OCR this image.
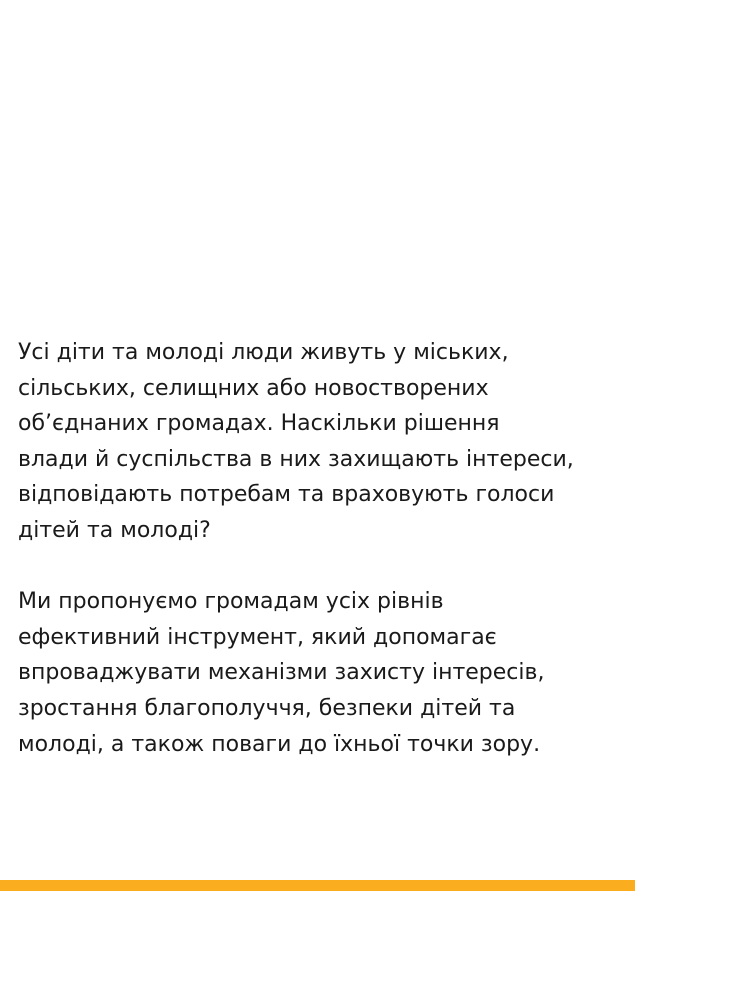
Усі діти та молоді люди живуть у міських,
сільських, селищних або новостворених
об’єднаних громадах. Наскільки рішення
влади й суспільства в них захищають інтереси,
відповідають потребам та враховують голоси
дітей та молоді?
Ми пропонуємо громадам усіх рівнів
ефективний інструмент, який допомагає
впроваджувати механізми захисту інтересів,
зростання благополуччя, безпеки дітей та
молоді, а також поваги до їхньої точки зору.
